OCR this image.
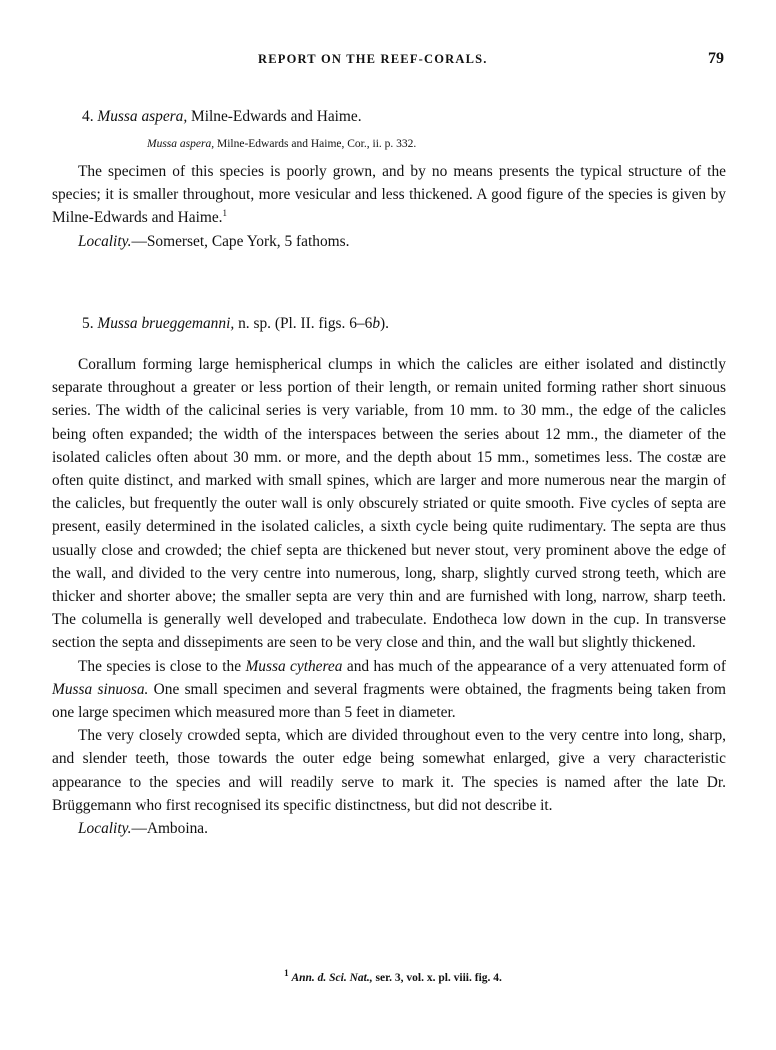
REPORT ON THE REEF-CORALS.	79
4. Mussa aspera, Milne-Edwards and Haime.
Mussa aspera, Milne-Edwards and Haime, Cor., ii. p. 332.

The specimen of this species is poorly grown, and by no means presents the typical structure of the species; it is smaller throughout, more vesicular and less thickened. A good figure of the species is given by Milne-Edwards and Haime.$^1$

Locality.—Somerset, Cape York, 5 fathoms.

5. Mussa brueggemanni, n. sp. (Pl. II. figs. 6–6b).

Corallum forming large hemispherical clumps in which the calicles are either isolated and distinctly separate throughout a greater or less portion of their length, or remain united forming rather short sinuous series. The width of the calicinal series is very variable, from 10 mm. to 30 mm., the edge of the calicles being often expanded; the width of the interspaces between the series about 12 mm., the diameter of the isolated calicles often about 30 mm. or more, and the depth about 15 mm., sometimes less. The costæ are often quite distinct, and marked with small spines, which are larger and more numerous near the margin of the calicles, but frequently the outer wall is only obscurely striated or quite smooth. Five cycles of septa are present, easily determined in the isolated calicles, a sixth cycle being quite rudimentary. The septa are thus usually close and crowded; the chief septa are thickened but never stout, very prominent above the edge of the wall, and divided to the very centre into numerous, long, sharp, slightly curved strong teeth, which are thicker and shorter above; the smaller septa are very thin and are furnished with long, narrow, sharp teeth. The columella is generally well developed and trabeculate. Endotheca low down in the cup. In transverse section the septa and dissepiments are seen to be very close and thin, and the wall but slightly thickened.

The species is close to the Mussa cytherea and has much of the appearance of a very attenuated form of Mussa sinuosa. One small specimen and several fragments were obtained, the fragments being taken from one large specimen which measured more than 5 feet in diameter.

The very closely crowded septa, which are divided throughout even to the very centre into long, sharp, and slender teeth, those towards the outer edge being somewhat enlarged, give a very characteristic appearance to the species and will readily serve to mark it. The species is named after the late Dr. Brüggemann who first recognised its specific distinctness, but did not describe it.

Locality.—Amboina.

$^1$ Ann. d. Sci. Nat., ser. 3, vol. x. pl. viii. fig. 4.
